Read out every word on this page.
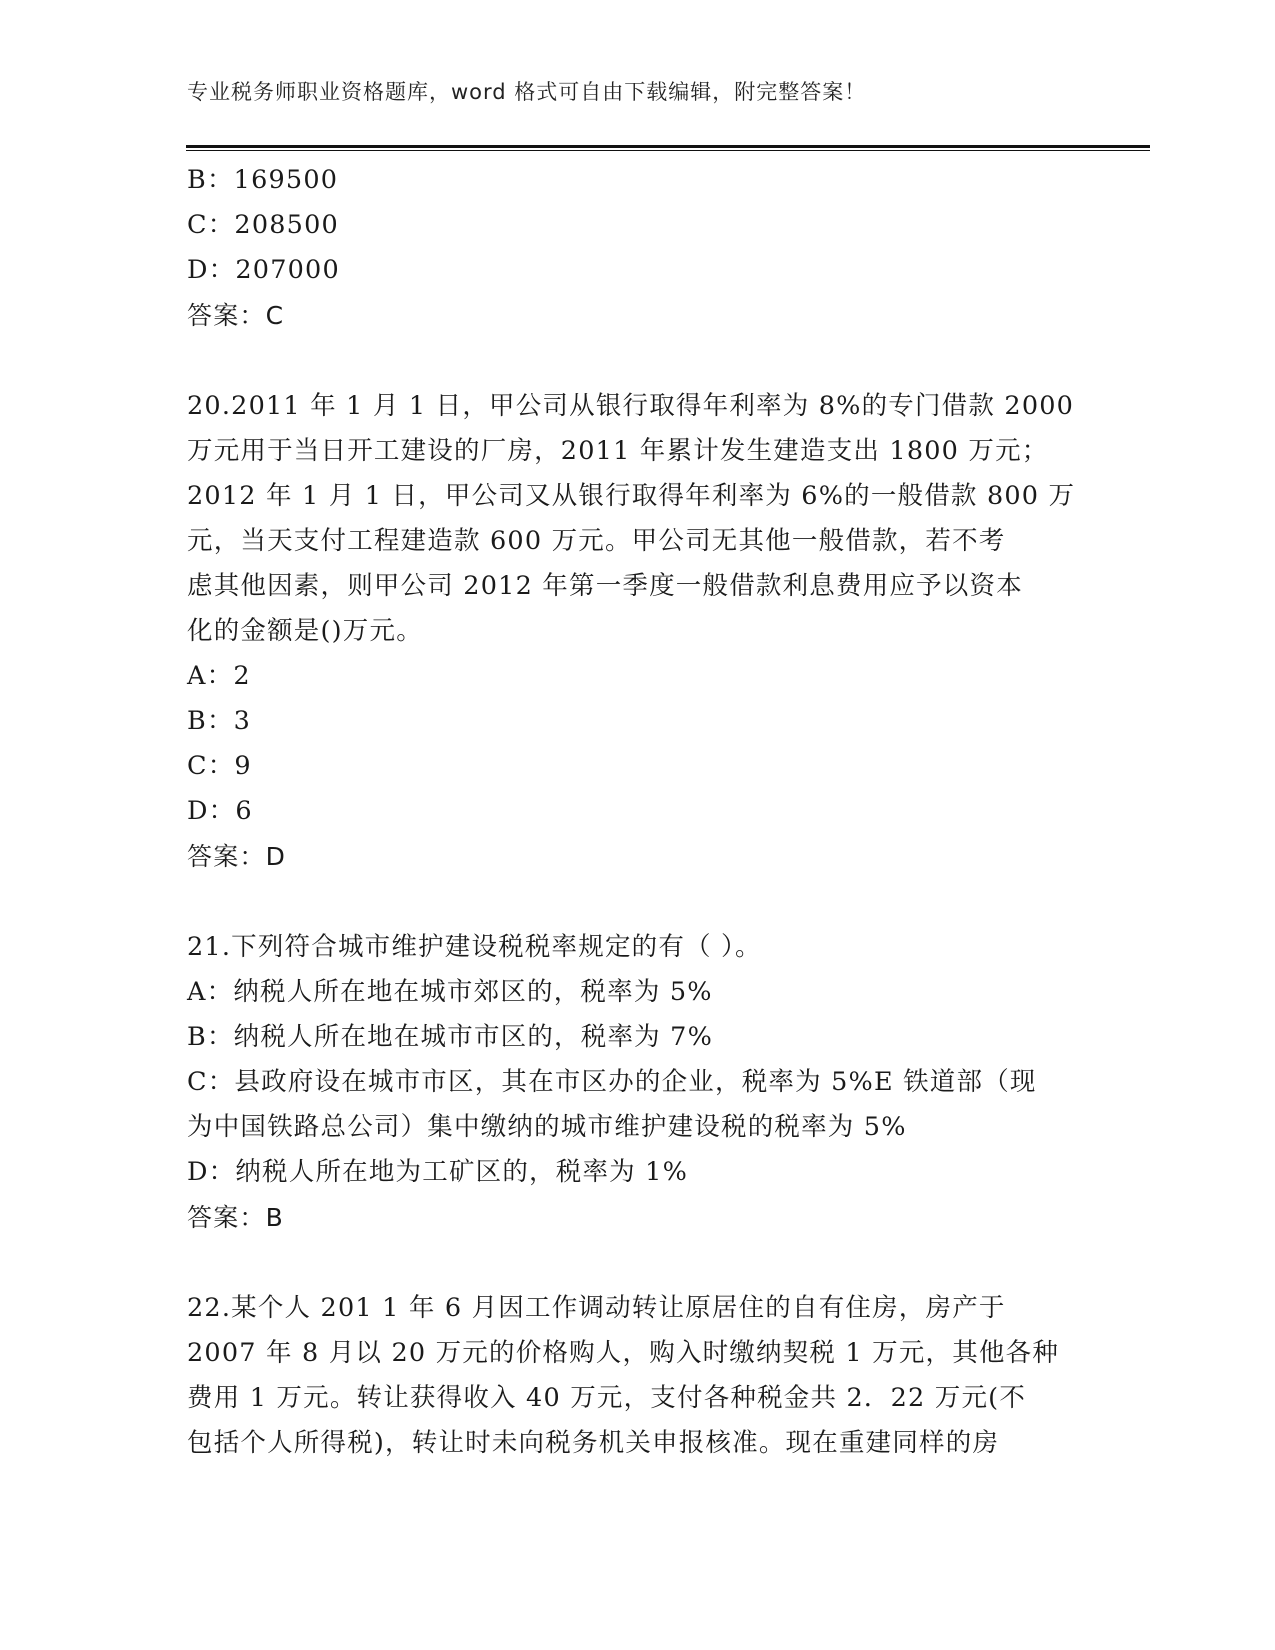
专业税务师职业资格题库，word 格式可自由下载编辑，附完整答案！
B：169500
C：208500
D：207000
答案：C
20.2011 年 1 月 1 日，甲公司从银行取得年利率为 8%的专门借款 2000
万元用于当日开工建设的厂房，2011 年累计发生建造支出 1800 万元；
2012 年 1 月 1 日，甲公司又从银行取得年利率为 6%的一般借款 800 万
元，当天支付工程建造款 600 万元。甲公司无其他一般借款，若不考
虑其他因素，则甲公司 2012 年第一季度一般借款利息费用应予以资本
化的金额是()万元。
A：2
B：3
C：9
D：6
答案：D
21.下列符合城市维护建设税税率规定的有（ ）。
A：纳税人所在地在城市郊区的，税率为 5%
B：纳税人所在地在城市市区的，税率为 7%
C：县政府设在城市市区，其在市区办的企业，税率为 5%E 铁道部（现
为中国铁路总公司）集中缴纳的城市维护建设税的税率为 5%
D：纳税人所在地为工矿区的，税率为 1%
答案：B
22.某个人 201 1 年 6 月因工作调动转让原居住的自有住房，房产于
2007 年 8 月以 20 万元的价格购人，购入时缴纳契税 1 万元，其他各种
费用 1 万元。转让获得收入 40 万元，支付各种税金共 2．22 万元(不
包括个人所得税)，转让时未向税务机关申报核准。现在重建同样的房
